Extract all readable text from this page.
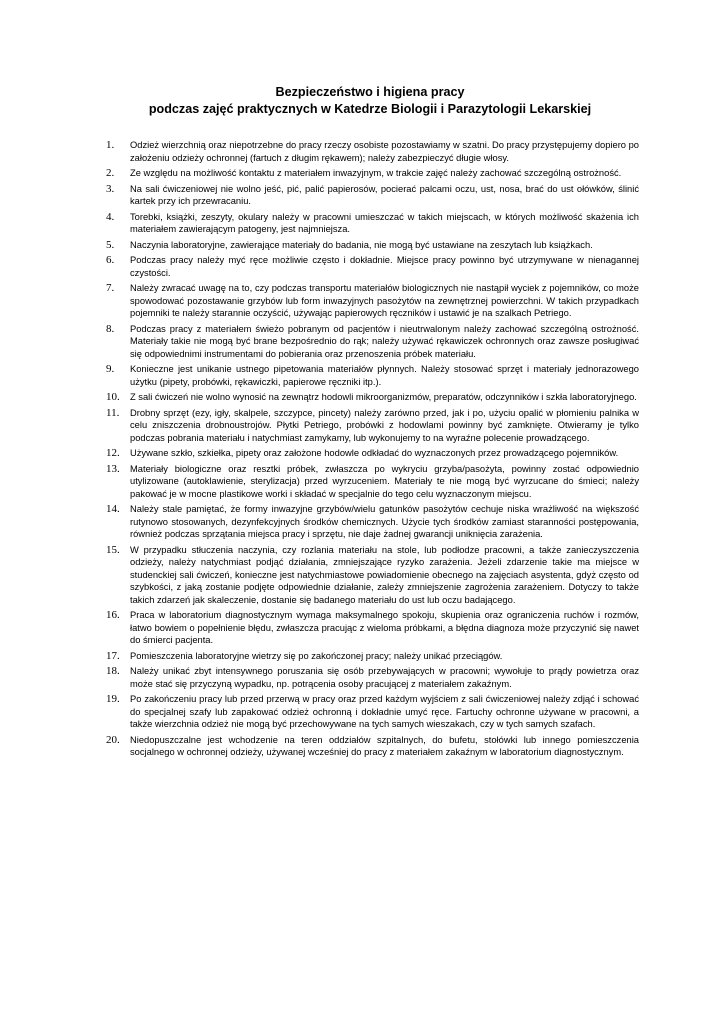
Bezpieczeństwo i higiena pracy
podczas zajęć praktycznych w Katedrze Biologii i Parazytologii Lekarskiej
1. Odzież wierzchnią oraz niepotrzebne do pracy rzeczy osobiste pozostawiamy w szatni. Do pracy przystępujemy dopiero po założeniu odzieży ochronnej (fartuch z długim rękawem); należy zabezpieczyć długie włosy.
2. Ze względu na możliwość kontaktu z materiałem inwazyjnym, w trakcie zajęć należy zachować szczególną ostrożność.
3. Na sali ćwiczeniowej nie wolno jeść, pić, palić papierosów, pocierać palcami oczu, ust, nosa, brać do ust ołówków, ślinić kartek przy ich przewracaniu.
4. Torebki, książki, zeszyty, okulary należy w pracowni umieszczać w takich miejscach, w których możliwość skażenia ich materiałem zawierającym patogeny, jest najmniejsza.
5. Naczynia laboratoryjne, zawierające materiały do badania, nie mogą być ustawiane na zeszytach lub książkach.
6. Podczas pracy należy myć ręce możliwie często i dokładnie. Miejsce pracy powinno być utrzymywane w nienagannej czystości.
7. Należy zwracać uwagę na to, czy podczas transportu materiałów biologicznych nie nastąpił wyciek z pojemników, co może spowodować pozostawanie grzybów lub form inwazyjnych pasożytów na zewnętrznej powierzchni. W takich przypadkach pojemniki te należy starannie oczyścić, używając papierowych ręczników i ustawić je na szalkach Petriego.
8. Podczas pracy z materiałem świeżo pobranym od pacjentów i nieutrwalonym należy zachować szczególną ostrożność. Materiały takie nie mogą być brane bezpośrednio do rąk; należy używać rękawiczek ochronnych oraz zawsze posługiwać się odpowiednimi instrumentami do pobierania oraz przenoszenia próbek materiału.
9. Konieczne jest unikanie ustnego pipetowania materiałów płynnych. Należy stosować sprzęt i materiały jednorazowego użytku (pipety, probówki, rękawiczki, papierowe ręczniki itp.).
10. Z sali ćwiczeń nie wolno wynosić na zewnątrz hodowli mikroorganizmów, preparatów, odczynników i szkła laboratoryjnego.
11. Drobny sprzęt (ezy, igły, skalpele, szczypce, pincety) należy zarówno przed, jak i po, użyciu opalić w płomieniu palnika w celu zniszczenia drobnoustrojów. Płytki Petriego, probówki z hodowlami powinny być zamknięte. Otwieramy je tylko podczas pobrania materiału i natychmiast zamykamy, lub wykonujemy to na wyraźne polecenie prowadzącego.
12. Używane szkło, szkiełka, pipety oraz założone hodowle odkładać do wyznaczonych przez prowadzącego pojemników.
13. Materiały biologiczne oraz resztki próbek, zwłaszcza po wykryciu grzyba/pasożyta, powinny zostać odpowiednio utylizowane (autoklawienie, sterylizacja) przed wyrzuceniem. Materiały te nie mogą być wyrzucane do śmieci; należy pakować je w mocne plastikowe worki i składać w specjalnie do tego celu wyznaczonym miejscu.
14. Należy stale pamiętać, że formy inwazyjne grzybów/wielu gatunków pasożytów cechuje niska wrażliwość na większość rutynowo stosowanych, dezynfekcyjnych środków chemicznych. Użycie tych środków zamiast staranności postępowania, również podczas sprzątania miejsca pracy i sprzętu, nie daje żadnej gwarancji uniknięcia zarażenia.
15. W przypadku stłuczenia naczynia, czy rozlania materiału na stole, lub podłodze pracowni, a także zanieczyszczenia odzieży, należy natychmiast podjąć działania, zmniejszające ryzyko zarażenia. Jeżeli zdarzenie takie ma miejsce w studenckiej sali ćwiczeń, konieczne jest natychmiastowe powiadomienie obecnego na zajęciach asystenta, gdyż często od szybkości, z jaką zostanie podjęte odpowiednie działanie, zależy zmniejszenie zagrożenia zarażeniem. Dotyczy to także takich zdarzeń jak skaleczenie, dostanie się badanego materiału do ust lub oczu badającego.
16. Praca w laboratorium diagnostycznym wymaga maksymalnego spokoju, skupienia oraz ograniczenia ruchów i rozmów, łatwo bowiem o popełnienie błędu, zwłaszcza pracując z wieloma próbkami, a błędna diagnoza może przyczynić się nawet do śmierci pacjenta.
17. Pomieszczenia laboratoryjne wietrzy się po zakończonej pracy; należy unikać przeciągów.
18. Należy unikać zbyt intensywnego poruszania się osób przebywających w pracowni; wywołuje to prądy powietrza oraz może stać się przyczyną wypadku, np. potrącenia osoby pracującej z materiałem zakaźnym.
19. Po zakończeniu pracy lub przed przerwą w pracy oraz przed każdym wyjściem z sali ćwiczeniowej należy zdjąć i schować do specjalnej szafy lub zapakować odzież ochronną i dokładnie umyć ręce. Fartuchy ochronne używane w pracowni, a także wierzchnia odzież nie mogą być przechowywane na tych samych wieszakach, czy w tych samych szafach.
20. Niedopuszczalne jest wchodzenie na teren oddziałów szpitalnych, do bufetu, stołówki lub innego pomieszczenia socjalnego w ochronnej odzieży, używanej wcześniej do pracy z materiałem zakaźnym w laboratorium diagnostycznym.
